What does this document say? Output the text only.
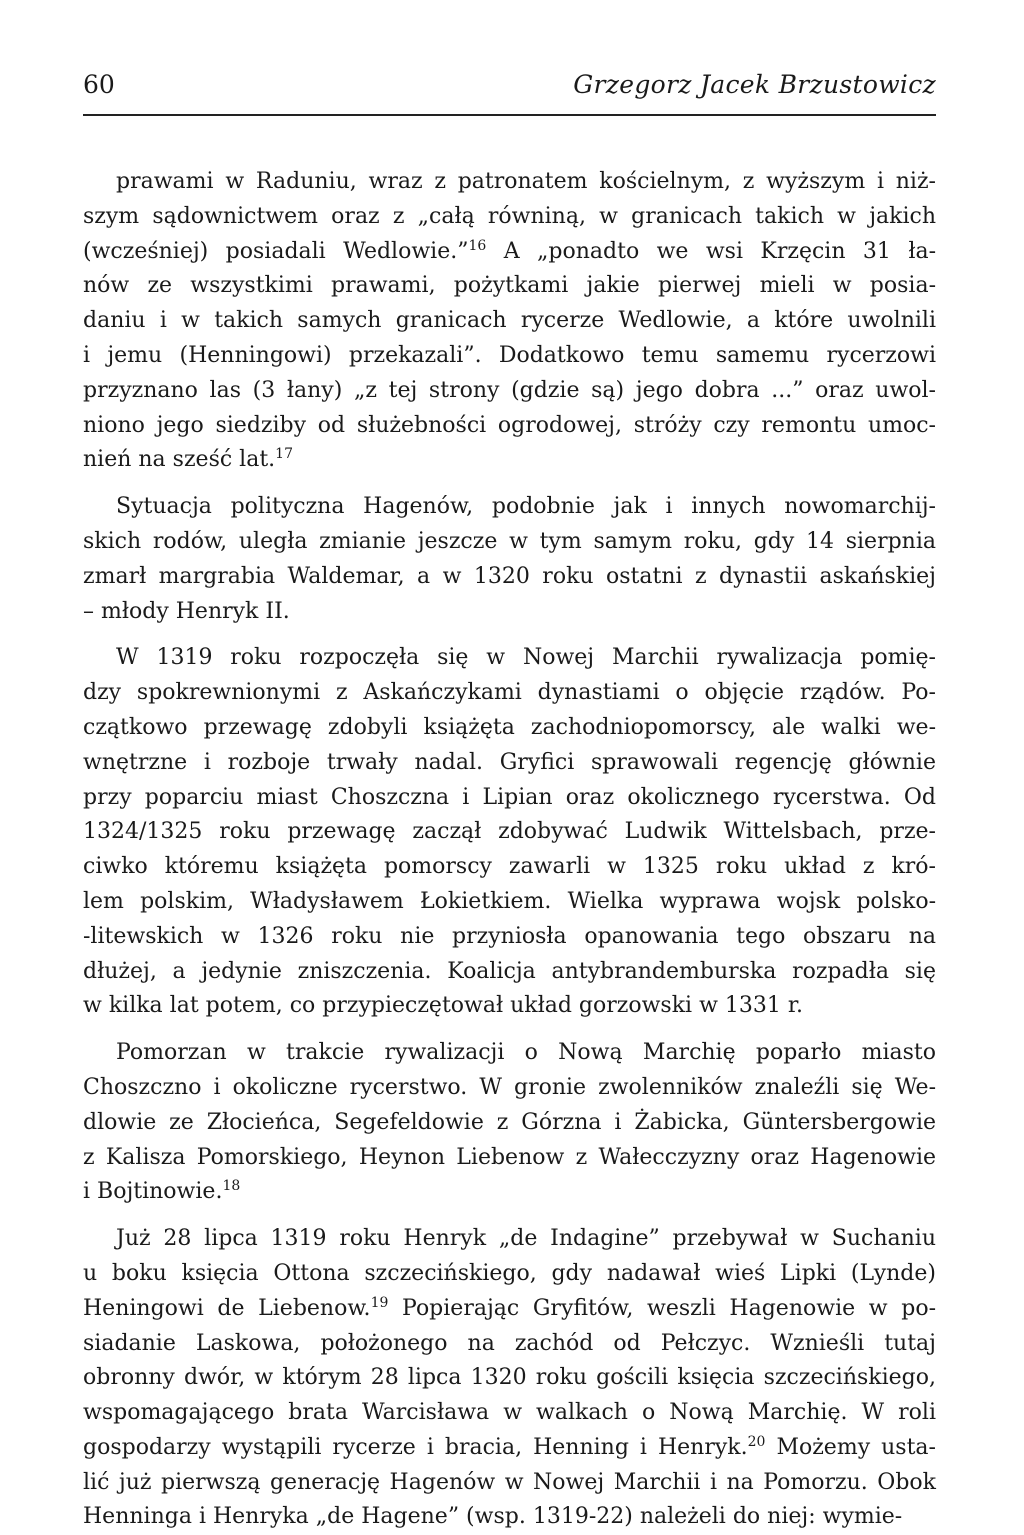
60	Grzegorz Jacek Brzustowicz
prawami w Raduniu, wraz z patronatem kościelnym, z wyższym i niż-
szym sądownictwem oraz z „całą równiną, w granicach takich w jakich
(wcześniej) posiadali Wedlowie.”$^{16}$ A „ponadto we wsi Krzęcin 31 ła-
nów ze wszystkimi prawami, pożytkami jakie pierwej mieli w posia-
daniu i w takich samych granicach rycerze Wedlowie, a które uwolnili
i jemu (Henningowi) przekazali”. Dodatkowo temu samemu rycerzowi
przyznano las (3 łany) „z tej strony (gdzie są) jego dobra ...” oraz uwol-
niono jego siedziby od służebności ogrodowej, stróży czy remontu umoc-
nień na sześć lat.$^{17}$
Sytuacja polityczna Hagenów, podobnie jak i innych nowomarchij-
skich rodów, uległa zmianie jeszcze w tym samym roku, gdy 14 sierpnia
zmarł margrabia Waldemar, a w 1320 roku ostatni z dynastii askańskiej
– młody Henryk II.
W 1319 roku rozpoczęła się w Nowej Marchii rywalizacja pomię-
dzy spokrewnionymi z Askańczykami dynastiami o objęcie rządów. Po-
czątkowo przewagę zdobyli książęta zachodniopomorscy, ale walki we-
wnętrzne i rozboje trwały nadal. Gryfici sprawowali regencję głównie
przy poparciu miast Choszczna i Lipian oraz okolicznego rycerstwa. Od
1324/1325 roku przewagę zaczął zdobywać Ludwik Wittelsbach, prze-
ciwko któremu książęta pomorscy zawarli w 1325 roku układ z kró-
lem polskim, Władysławem Łokietkiem. Wielka wyprawa wojsk polsko-
-litewskich w 1326 roku nie przyniosła opanowania tego obszaru na
dłużej, a jedynie zniszczenia. Koalicja antybrandemburska rozpadła się
w kilka lat potem, co przypieczętował układ gorzowski w 1331 r.
Pomorzan w trakcie rywalizacji o Nową Marchię poparło miasto
Choszczno i okoliczne rycerstwo. W gronie zwolenników znaleźli się We-
dlowie ze Złocieńca, Segefeldowie z Górzna i Żabicka, Güntersbergowie
z Kalisza Pomorskiego, Heynon Liebenow z Wałecczyzny oraz Hagenowie
i Bojtinowie.$^{18}$
Już 28 lipca 1319 roku Henryk „de Indagine” przebywał w Suchaniu
u boku księcia Ottona szczecińskiego, gdy nadawał wieś Lipki (Lynde)
Heningowi de Liebenow.$^{19}$ Popierając Gryfitów, weszli Hagenowie w po-
siadanie Laskowa, położonego na zachód od Pełczyc. Wznieśli tutaj
obronny dwór, w którym 28 lipca 1320 roku gościli księcia szczecińskiego,
wspomagającego brata Warcisława w walkach o Nową Marchię. W roli
gospodarzy wystąpili rycerze i bracia, Henning i Henryk.$^{20}$ Możemy usta-
lić już pierwszą generację Hagenów w Nowej Marchii i na Pomorzu. Obok
Henninga i Henryka „de Hagene” (wsp. 1319-22) należeli do niej: wymie-
